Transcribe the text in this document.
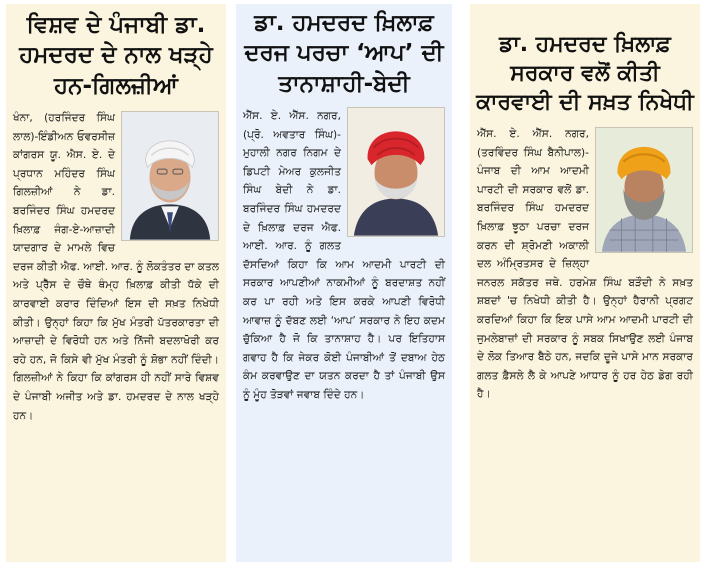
ਵਿਸ਼ਵ ਦੇ ਪੰਜਾਬੀ ਡਾ. ਹਮਦਰਦ ਦੇ ਨਾਲ ਖੜ੍ਹੇ ਹਨ-ਗਿਲਜ਼ੀਆਂ
ਖੰਨਾ, (ਹਰਜਿੰਦਰ ਸਿੰਘ ਲਾਲ)-ਇੰਡੀਅਨ ਓਵਰਸੀਜ਼ ਕਾਂਗਰਸ ਯੂ. ਐਸ. ਏ. ਦੇ ਪ੍ਰਧਾਨ ਮਹਿੰਦਰ ਸਿੰਘ ਗਿਲਜ਼ੀਆਂ ਨੇ ਡਾ. ਬਰਜਿੰਦਰ ਸਿੰਘ ਹਮਦਰਦ ਖ਼ਿਲਾਫ਼ ਜੰਗ-ਏ-ਆਜ਼ਾਦੀ ਯਾਦਗਾਰ ਦੇ ਮਾਮਲੇ ਵਿਚ ਦਰਜ ਕੀਤੀ ਐਫ. ਆਈ. ਆਰ. ਨੂੰ ਲੋਕਤੰਤਰ ਦਾ ਕਤਲ ਅਤੇ ਪ੍ਰੈੱਸ ਦੇ ਚੌਥੇ ਥੰਮ੍ਹ ਖ਼ਿਲਾਫ਼ ਕੀਤੀ ਧੱਕੇ ਦੀ ਕਾਰਵਾਈ ਕਰਾਰ ਦਿੰਦਿਆਂ ਇਸ ਦੀ ਸਖ਼ਤ ਨਿਖੇਧੀ ਕੀਤੀ। ਉਨ੍ਹਾਂ ਕਿਹਾ ਕਿ ਮੁੱਖ ਮੰਤਰੀ ਪੱਤਰਕਾਰਤਾ ਦੀ ਆਜ਼ਾਦੀ ਦੇ ਵਿਰੋਧੀ ਹਨ ਅਤੇ ਨਿੱਜੀ ਬਦਲਾਖੋਰੀ ਕਰ ਰਹੇ ਹਨ, ਜੋ ਕਿਸੇ ਵੀ ਮੁੱਖ ਮੰਤਰੀ ਨੂੰ ਸ਼ੋਭਾ ਨਹੀਂ ਦਿੰਦੀ। ਗਿਲਜ਼ੀਆਂ ਨੇ ਕਿਹਾ ਕਿ ਕਾਂਗਰਸ ਹੀ ਨਹੀਂ ਸਾਰੇ ਵਿਸ਼ਵ ਦੇ ਪੰਜਾਬੀ ਅਜੀਤ ਅਤੇ ਡਾ. ਹਮਦਰਦ ਦੇ ਨਾਲ ਖੜ੍ਹੇ ਹਨ।
ਡਾ. ਹਮਦਰਦ ਖ਼ਿਲਾਫ਼ ਦਰਜ ਪਰਚਾ ‘ਆਪ’ ਦੀ ਤਾਨਾਸ਼ਾਹੀ-ਬੇਦੀ
ਐੱਸ. ਏ. ਐੱਸ. ਨਗਰ, (ਪ੍ਰੋ. ਅਵਤਾਰ ਸਿੰਘ)-ਮੁਹਾਲੀ ਨਗਰ ਨਿਗਮ ਦੇ ਡਿਪਟੀ ਮੇਅਰ ਕੁਲਜੀਤ ਸਿੰਘ ਬੇਦੀ ਨੇ ਡਾ. ਬਰਜਿੰਦਰ ਸਿੰਘ ਹਮਦਰਦ ਦੇ ਖ਼ਿਲਾਫ਼ ਦਰਜ ਐਫ. ਆਈ. ਆਰ. ਨੂੰ ਗਲਤ ਦੱਸਦਿਆਂ ਕਿਹਾ ਕਿ ਆਮ ਆਦਮੀ ਪਾਰਟੀ ਦੀ ਸਰਕਾਰ ਆਪਣੀਆਂ ਨਾਕਮੀਆਂ ਨੂੰ ਬਰਦਾਸ਼ਤ ਨਹੀਂ ਕਰ ਪਾ ਰਹੀ ਅਤੇ ਇਸ ਕਰਕੇ ਆਪਣੀ ਵਿਰੋਧੀ ਆਵਾਜ਼ ਨੂੰ ਦੱਬਣ ਲਈ ‘ਆਪ’ ਸਰਕਾਰ ਨੇ ਇਹ ਕਦਮ ਚੁੱਕਿਆ ਹੈ ਜੋ ਕਿ ਤਾਨਾਸ਼ਾਹ ਹੈ। ਪਰ ਇਤਿਹਾਸ ਗਵਾਹ ਹੈ ਕਿ ਜੇਕਰ ਕੋਈ ਪੰਜਾਬੀਆਂ ਤੋਂ ਦਬਾਅ ਹੇਠ ਕੰਮ ਕਰਵਾਉਣ ਦਾ ਯਤਨ ਕਰਦਾ ਹੈ ਤਾਂ ਪੰਜਾਬੀ ਉਸ ਨੂੰ ਮੂੰਹ ਤੋੜਵਾਂ ਜਵਾਬ ਦਿੰਦੇ ਹਨ।
ਡਾ. ਹਮਦਰਦ ਖ਼ਿਲਾਫ਼ ਸਰਕਾਰ ਵਲੋਂ ਕੀਤੀ ਕਾਰਵਾਈ ਦੀ ਸਖ਼ਤ ਨਿਖੇਧੀ
ਐੱਸ. ਏ. ਐੱਸ. ਨਗਰ, (ਤਰਵਿੰਦਰ ਸਿੰਘ ਬੈਨੀਪਾਲ)-ਪੰਜਾਬ ਦੀ ਆਮ ਆਦਮੀ ਪਾਰਟੀ ਦੀ ਸਰਕਾਰ ਵਲੋਂ ਡਾ. ਬਰਜਿੰਦਰ ਸਿੰਘ ਹਮਦਰਦ ਖ਼ਿਲਾਫ਼ ਝੂਠਾ ਪਰਚਾ ਦਰਜ ਕਰਨ ਦੀ ਸ਼੍ਰੋਮਣੀ ਅਕਾਲੀ ਦਲ ਅੰਮ੍ਰਿਤਸਰ ਦੇ ਜ਼ਿਲ੍ਹਾ ਜਨਰਲ ਸਕੱਤਰ ਜਥੇ. ਹਰਮੇਸ਼ ਸਿੰਘ ਬੜੌਦੀ ਨੇ ਸਖ਼ਤ ਸ਼ਬਦਾਂ 'ਚ ਨਿਖੇਧੀ ਕੀਤੀ ਹੈ। ਉਨ੍ਹਾਂ ਹੈਰਾਨੀ ਪ੍ਰਗਟ ਕਰਦਿਆਂ ਕਿਹਾ ਕਿ ਇਕ ਪਾਸੇ ਆਮ ਆਦਮੀ ਪਾਰਟੀ ਦੀ ਜੁਮਲੇਬਾਜ਼ਾਂ ਦੀ ਸਰਕਾਰ ਨੂੰ ਸਬਕ ਸਿਖਾਉਣ ਲਈ ਪੰਜਾਬ ਦੇ ਲੋਕ ਤਿਆਰ ਬੈਠੇ ਹਨ, ਜਦਕਿ ਦੂਜੇ ਪਾਸੇ ਮਾਨ ਸਰਕਾਰ ਗਲਤ ਫ਼ੈਸਲੇ ਲੈ ਕੇ ਆਪਣੇ ਆਧਾਰ ਨੂੰ ਹਰ ਹੇਠ ਡੇਗ ਰਹੀ ਹੈ।
